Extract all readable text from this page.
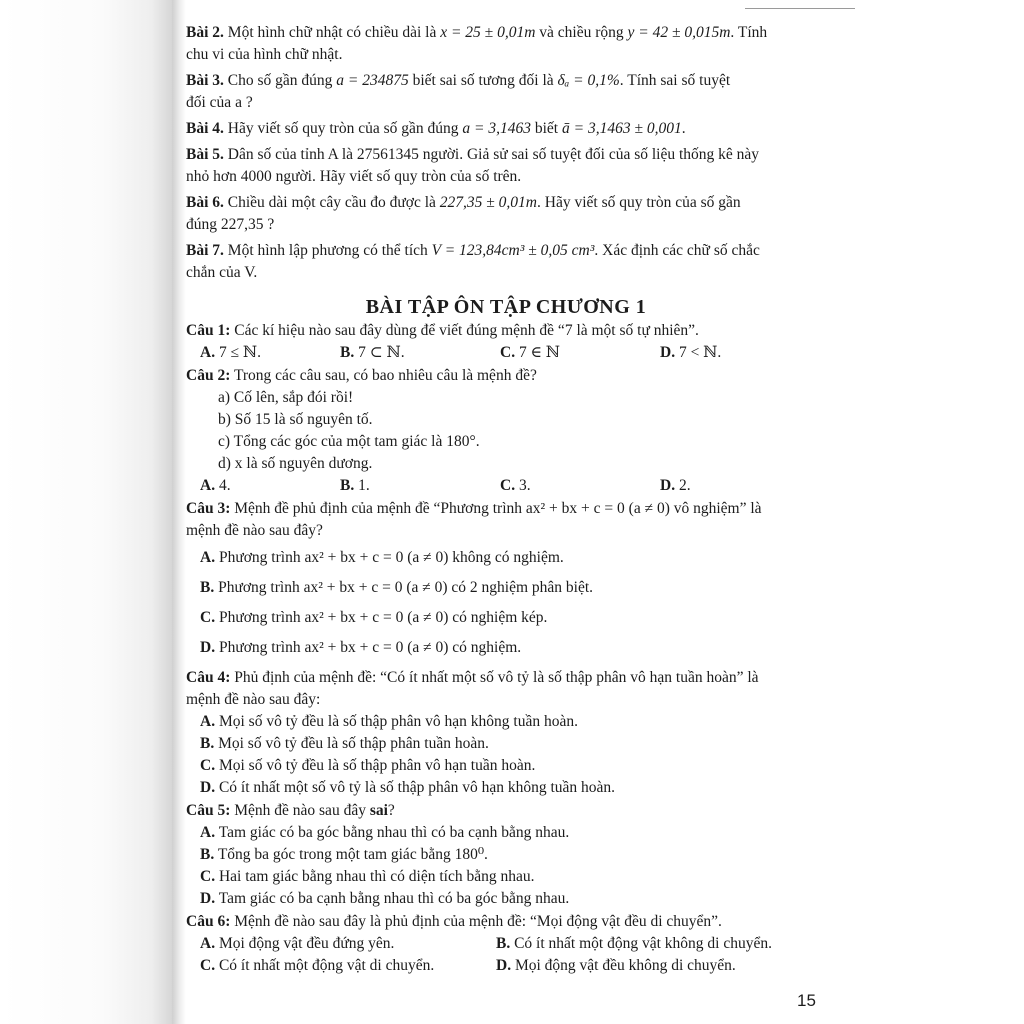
Bài 2. Một hình chữ nhật có chiều dài là x = 25 ± 0,01m và chiều rộng y = 42 ± 0,015m. Tính
chu vi của hình chữ nhật.
Bài 3. Cho số gần đúng a = 234875 biết sai số tương đối là δₐ = 0,1%. Tính sai số tuyệt
đối của a ?
Bài 4. Hãy viết số quy tròn của số gần đúng a = 3,1463 biết ā = 3,1463 ± 0,001.
Bài 5. Dân số của tỉnh A là 27561345 người. Giả sử sai số tuyệt đối của số liệu thống kê này
nhỏ hơn 4000 người. Hãy viết số quy tròn của số trên.
Bài 6. Chiều dài một cây cầu đo được là 227,35 ± 0,01m. Hãy viết số quy tròn của số gần
đúng 227,35 ?
Bài 7. Một hình lập phương có thể tích V = 123,84cm³ ± 0,05 cm³. Xác định các chữ số chắc
chắn của V.
BÀI TẬP ÔN TẬP CHƯƠNG 1
Câu 1: Các kí hiệu nào sau đây dùng để viết đúng mệnh đề “7 là một số tự nhiên”.
A. 7 ≤ ℕ.	B. 7 ⊂ ℕ.	C. 7 ∈ ℕ	D. 7 < ℕ.
Câu 2: Trong các câu sau, có bao nhiêu câu là mệnh đề?
a) Cố lên, sắp đói rồi!
b) Số 15 là số nguyên tố.
c) Tổng các góc của một tam giác là 180°.
d) x là số nguyên dương.
A. 4.	B. 1.	C. 3.	D. 2.
Câu 3: Mệnh đề phủ định của mệnh đề “Phương trình ax² + bx + c = 0 (a ≠ 0) vô nghiệm” là
mệnh đề nào sau đây?
A. Phương trình ax² + bx + c = 0 (a ≠ 0) không có nghiệm.
B. Phương trình ax² + bx + c = 0 (a ≠ 0) có 2 nghiệm phân biệt.
C. Phương trình ax² + bx + c = 0 (a ≠ 0) có nghiệm kép.
D. Phương trình ax² + bx + c = 0 (a ≠ 0) có nghiệm.
Câu 4: Phủ định của mệnh đề: “Có ít nhất một số vô tỷ là số thập phân vô hạn tuần hoàn” là
mệnh đề nào sau đây:
A. Mọi số vô tỷ đều là số thập phân vô hạn không tuần hoàn.
B. Mọi số vô tỷ đều là số thập phân tuần hoàn.
C. Mọi số vô tỷ đều là số thập phân vô hạn tuần hoàn.
D. Có ít nhất một số vô tỷ là số thập phân vô hạn không tuần hoàn.
Câu 5: Mệnh đề nào sau đây sai?
A. Tam giác có ba góc bằng nhau thì có ba cạnh bằng nhau.
B. Tổng ba góc trong một tam giác bằng 180⁰.
C. Hai tam giác bằng nhau thì có diện tích bằng nhau.
D. Tam giác có ba cạnh bằng nhau thì có ba góc bằng nhau.
Câu 6: Mệnh đề nào sau đây là phủ định của mệnh đề: “Mọi động vật đều di chuyển”.
A. Mọi động vật đều đứng yên.	B. Có ít nhất một động vật không di chuyển.
C. Có ít nhất một động vật di chuyển.	D. Mọi động vật đều không di chuyển.
15
